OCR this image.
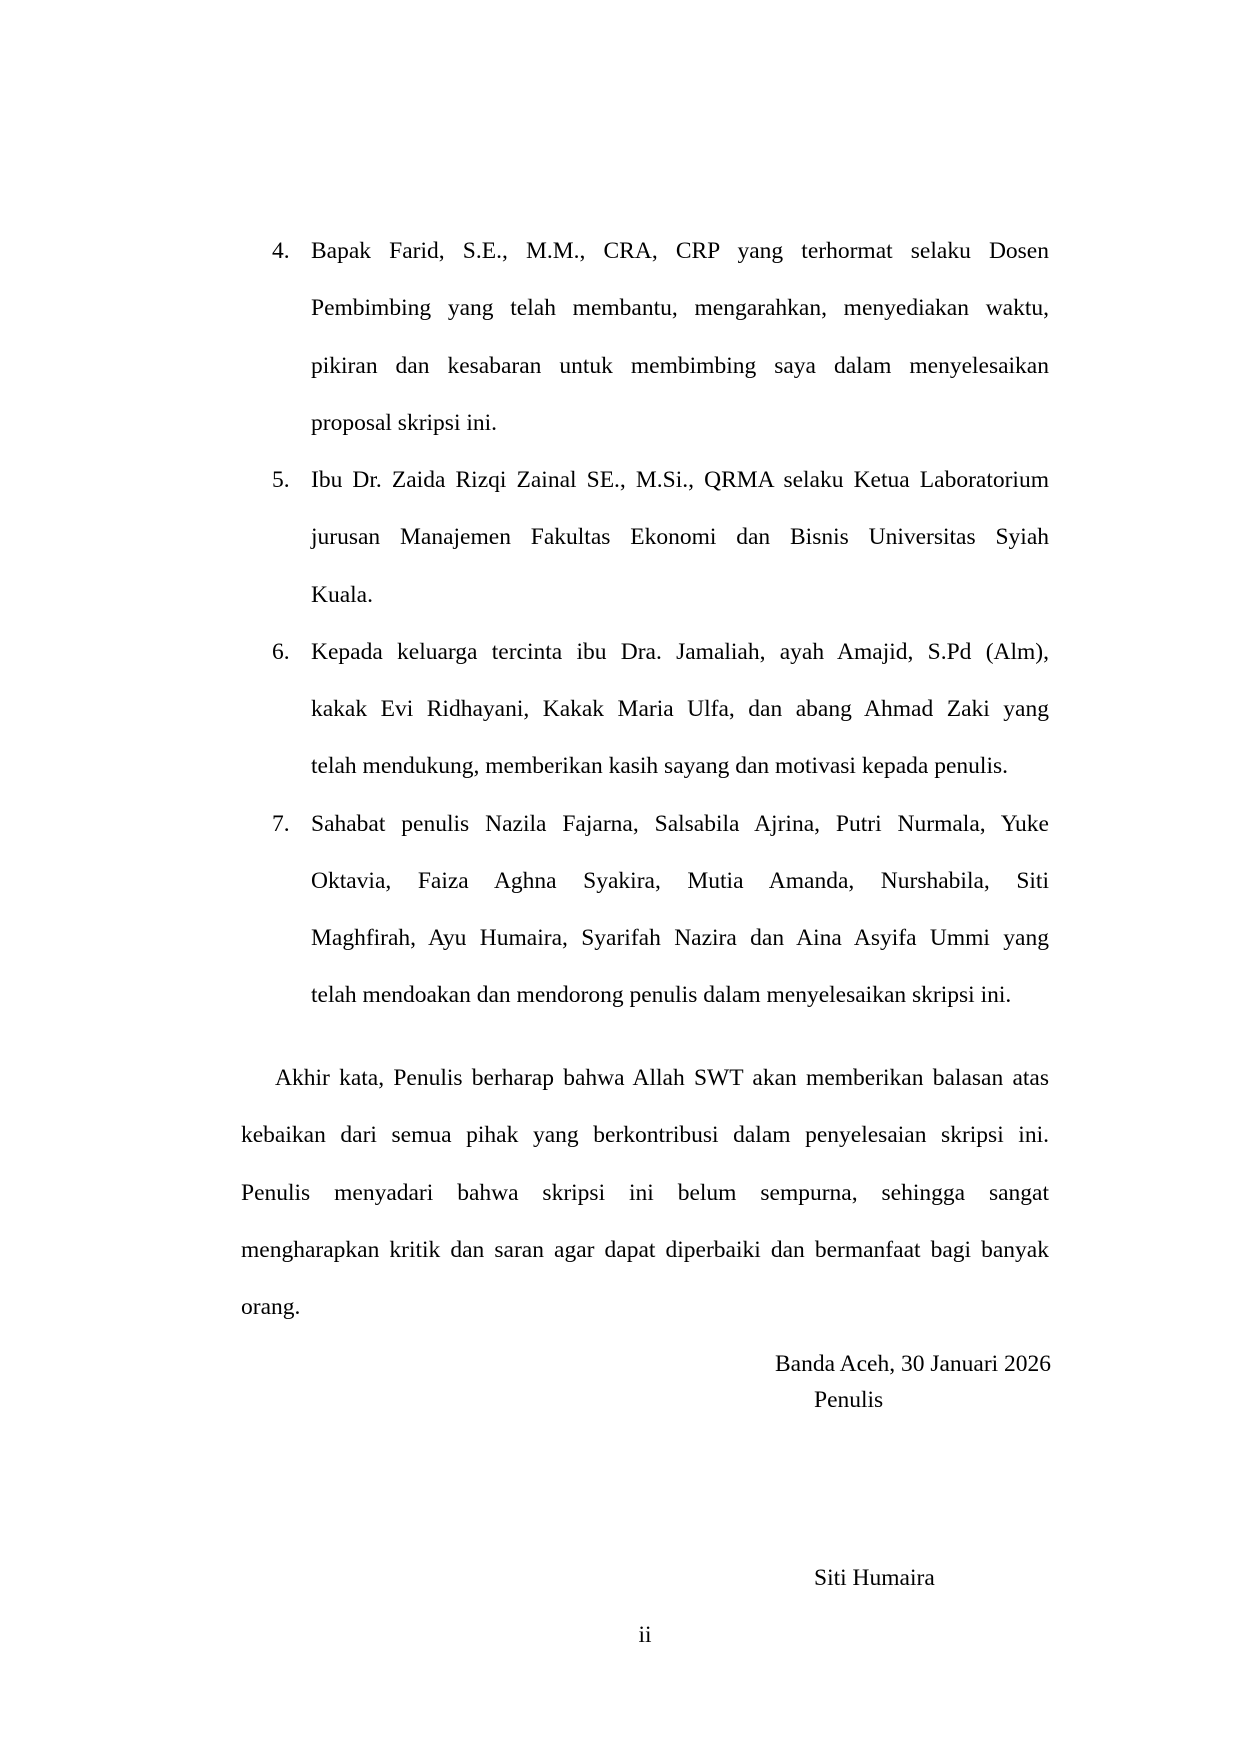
4. Bapak Farid, S.E., M.M., CRA, CRP yang terhormat selaku Dosen
Pembimbing yang telah membantu, mengarahkan, menyediakan waktu,
pikiran dan kesabaran untuk membimbing saya dalam menyelesaikan
proposal skripsi ini.
5. Ibu Dr. Zaida Rizqi Zainal SE., M.Si., QRMA selaku Ketua Laboratorium
jurusan Manajemen Fakultas Ekonomi dan Bisnis Universitas Syiah
Kuala.
6. Kepada keluarga tercinta ibu Dra. Jamaliah, ayah Amajid, S.Pd (Alm),
kakak Evi Ridhayani, Kakak Maria Ulfa, dan abang Ahmad Zaki yang
telah mendukung, memberikan kasih sayang dan motivasi kepada penulis.
7. Sahabat penulis Nazila Fajarna, Salsabila Ajrina, Putri Nurmala, Yuke
Oktavia, Faiza Aghna Syakira, Mutia Amanda, Nurshabila, Siti
Maghfirah, Ayu Humaira, Syarifah Nazira dan Aina Asyifa Ummi yang
telah mendoakan dan mendorong penulis dalam menyelesaikan skripsi ini.
Akhir kata, Penulis berharap bahwa Allah SWT akan memberikan balasan atas
kebaikan dari semua pihak yang berkontribusi dalam penyelesaian skripsi ini.
Penulis menyadari bahwa skripsi ini belum sempurna, sehingga sangat
mengharapkan kritik dan saran agar dapat diperbaiki dan bermanfaat bagi banyak
orang.
Banda Aceh, 30 Januari 2026
Penulis
Siti Humaira
ii
